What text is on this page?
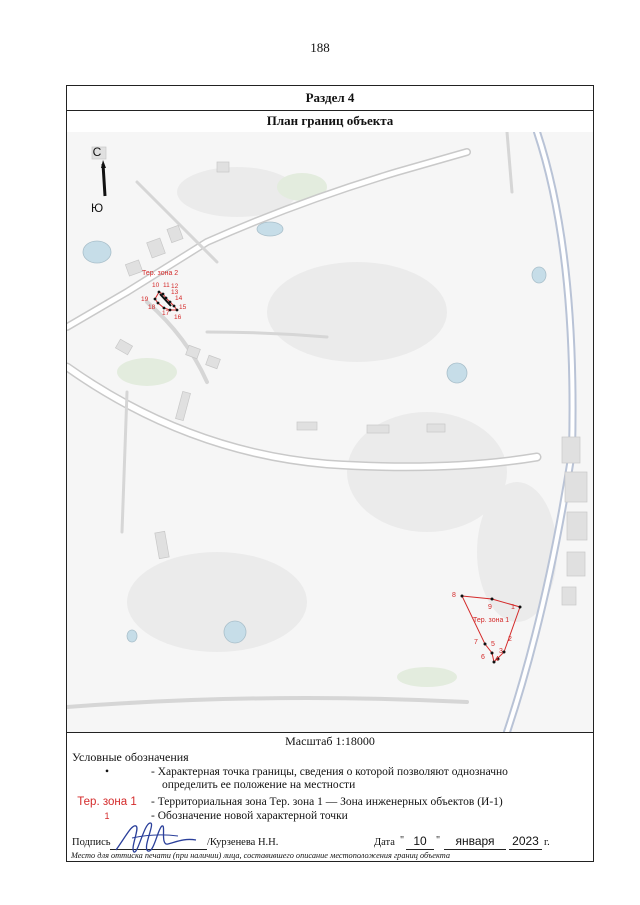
188
Раздел 4
План границ объекта
С
Ю
Тер. зона 2
10 11 12
13
14
15
16
17
18
19
Тер. зона 1
1
2
3
4
5
6
7
8
9
Масштаб 1:18000
Условные обозначения
•	- Характерная точка границы, сведения о которой позволяют однозначно
определить ее положение на местности
Тер. зона 1	- Территориальная зона Тер. зона 1 — Зона инженерных объектов (И-1)
1	- Обозначение новой характерной точки
Подпись	/Курзенева Н.Н.	Дата " 10 "	января	2023 г.
Место для оттиска печати (при наличии) лица, составившего описание местоположения границ объекта
